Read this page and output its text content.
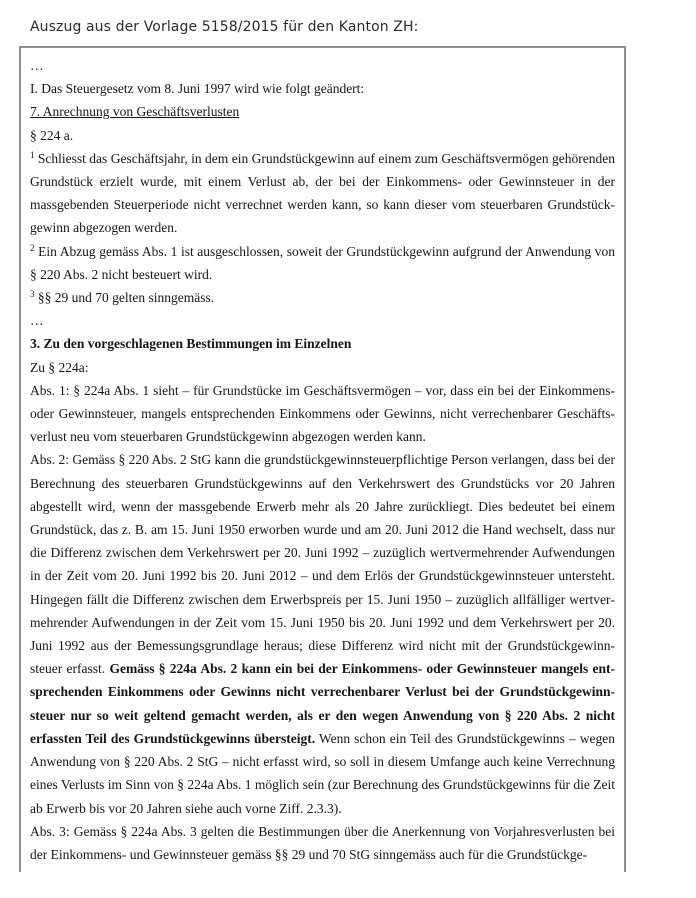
Auszug aus der Vorlage 5158/2015 für den Kanton ZH:
…
I. Das Steuergesetz vom 8. Juni 1997 wird wie folgt geändert:
7. Anrechnung von Geschäftsverlusten
§ 224 a.
$^1$ Schliesst das Geschäftsjahr, in dem ein Grundstückgewinn auf einem zum Geschäftsvermögen gehörenden Grundstück erzielt wurde, mit einem Verlust ab, der bei der Einkommens- oder Gewinnsteuer in der massgebenden Steuerperiode nicht verrechnet werden kann, so kann dieser vom steuerbaren Grundstückgewinn abgezogen werden.
$^2$ Ein Abzug gemäss Abs. 1 ist ausgeschlossen, soweit der Grundstückgewinn aufgrund der Anwendung von § 220 Abs. 2 nicht besteuert wird.
$^3$ §§ 29 und 70 gelten sinngemäss.
…
3. Zu den vorgeschlagenen Bestimmungen im Einzelnen
Zu § 224a:
Abs. 1: § 224a Abs. 1 sieht – für Grundstücke im Geschäftsvermögen – vor, dass ein bei der Einkommens- oder Gewinnsteuer, mangels entsprechenden Einkommens oder Gewinns, nicht verrechenbarer Geschäftsverlust neu vom steuerbaren Grundstückgewinn abgezogen werden kann.
Abs. 2: Gemäss § 220 Abs. 2 StG kann die grundstückgewinnsteuerpflichtige Person verlangen, dass bei der Berechnung des steuerbaren Grundstückgewinns auf den Verkehrswert des Grundstücks vor 20 Jahren abgestellt wird, wenn der massgebende Erwerb mehr als 20 Jahre zurückliegt. Dies bedeutet bei einem Grundstück, das z. B. am 15. Juni 1950 erworben wurde und am 20. Juni 2012 die Hand wechselt, dass nur die Differenz zwischen dem Verkehrswert per 20. Juni 1992 – zuzüglich wertvermehrender Aufwendungen in der Zeit vom 20. Juni 1992 bis 20. Juni 2012 – und dem Erlös der Grundstückgewinnsteuer untersteht. Hingegen fällt die Differenz zwischen dem Erwerbspreis per 15. Juni 1950 – zuzüglich allfälliger wertvermehrender Aufwendungen in der Zeit vom 15. Juni 1950 bis 20. Juni 1992 und dem Verkehrswert per 20. Juni 1992 aus der Bemessungsgrundlage heraus; diese Differenz wird nicht mit der Grundstückgewinnsteuer erfasst. Gemäss § 224a Abs. 2 kann ein bei der Einkommens- oder Gewinnsteuer mangels entsprechenden Einkommens oder Gewinns nicht verrechenbarer Verlust bei der Grundstückgewinnsteuer nur so weit geltend gemacht werden, als er den wegen Anwendung von § 220 Abs. 2 nicht erfassten Teil des Grundstückgewinns übersteigt. Wenn schon ein Teil des Grundstückgewinns – wegen Anwendung von § 220 Abs. 2 StG – nicht erfasst wird, so soll in diesem Umfange auch keine Verrechnung eines Verlusts im Sinn von § 224a Abs. 1 möglich sein (zur Berechnung des Grundstückgewinns für die Zeit ab Erwerb bis vor 20 Jahren siehe auch vorne Ziff. 2.3.3).
Abs. 3: Gemäss § 224a Abs. 3 gelten die Bestimmungen über die Anerkennung von Vorjahresverlusten bei der Einkommens- und Gewinnsteuer gemäss §§ 29 und 70 StG sinngemäss auch für die Grundstückge-
